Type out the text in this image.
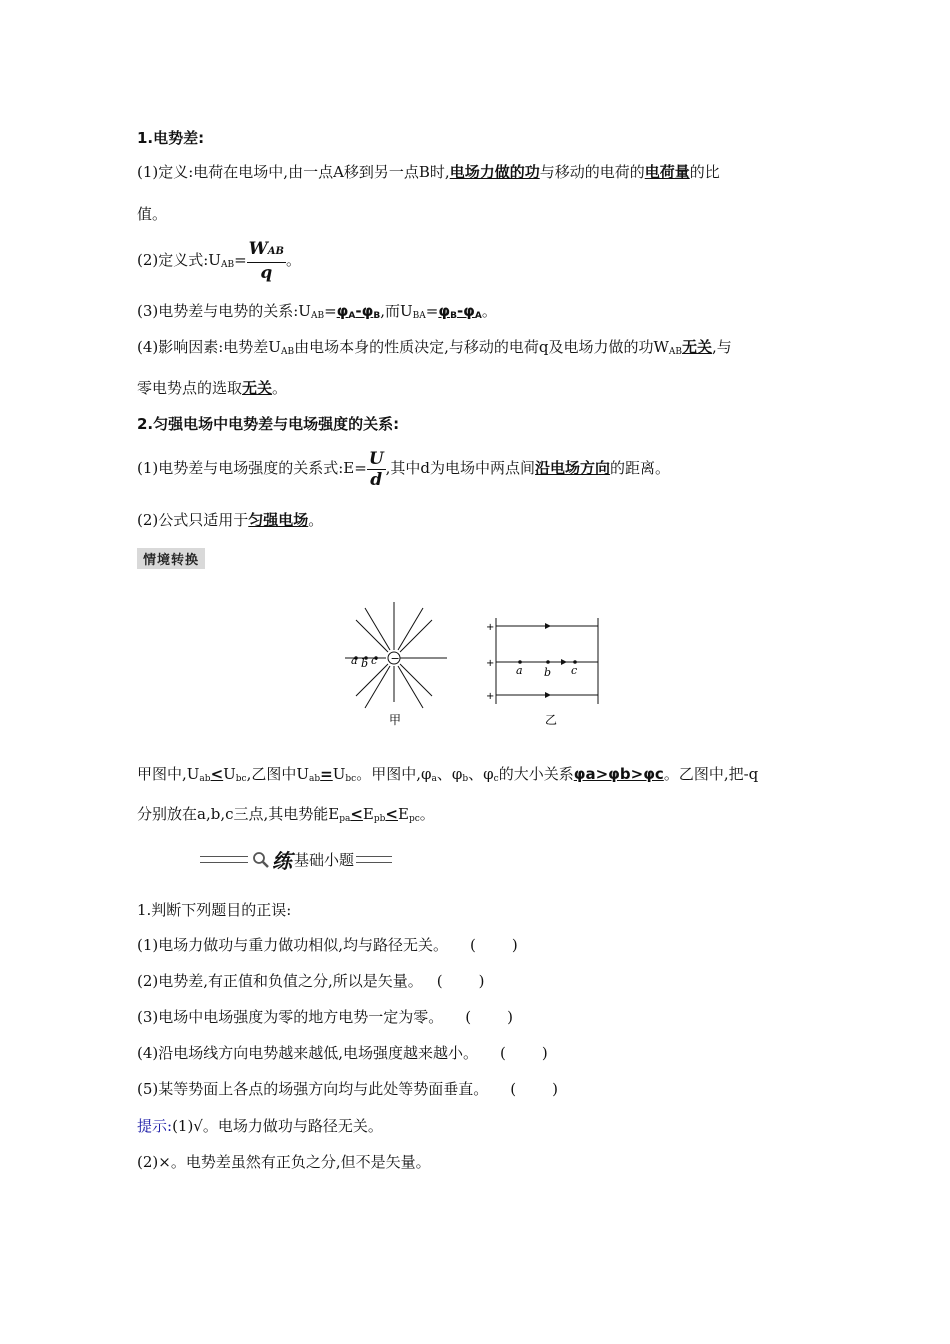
1.电势差:
(1)定义:电荷在电场中,由一点A移到另一点B时,电场力做的功与移动的电荷的电荷量的比
值。
(2)定义式$:U_{AB}= \frac{\text{WAB}}{q}$ 。
(3)电势差与电势的关系$:U_{AB}=\varphi_A-\varphi_B$,而$U_{BA}=\varphi_B-\varphi_A$。
(4)影响因素:电势差$U_{AB}$由电场本身的性质决定,与移动的电荷q及电场力做的功$W_{AB}$无关,与
零电势点的选取无关。
2.匀强电场中电势差与电场强度的关系:
(1)电势差与电场强度的关系式:E= $\frac{U}{d}$ ,其中d为电场中两点间沿电场方向的距离。
(2)公式只适用于匀强电场。
情境转换
−
a b c
甲
+
+
+
a b c
乙
甲图中$,U_{ab}<U_{bc}$,乙图中$U_{ab}=U_{bc}$。甲图中$,\varphi_a$、$\varphi_b$、$\varphi_c$的大小关系φa>φb>φc。乙图中,把-q
分别放在a,b,c三点,其电势能$E_{pa}<E_{pb}<E_{pc}$。
练 基础小题
1.判断下列题目的正误:
(1)电场力做功与重力做功相似,均与路径无关。 ( )
(2)电势差,有正值和负值之分,所以是矢量。 ( )
(3)电场中电场强度为零的地方电势一定为零。 ( )
(4)沿电场线方向电势越来越低,电场强度越来越小。 ( )
(5)某等势面上各点的场强方向均与此处等势面垂直。 ( )
提示:(1)√。电场力做功与路径无关。
(2)×。电势差虽然有正负之分,但不是矢量。
